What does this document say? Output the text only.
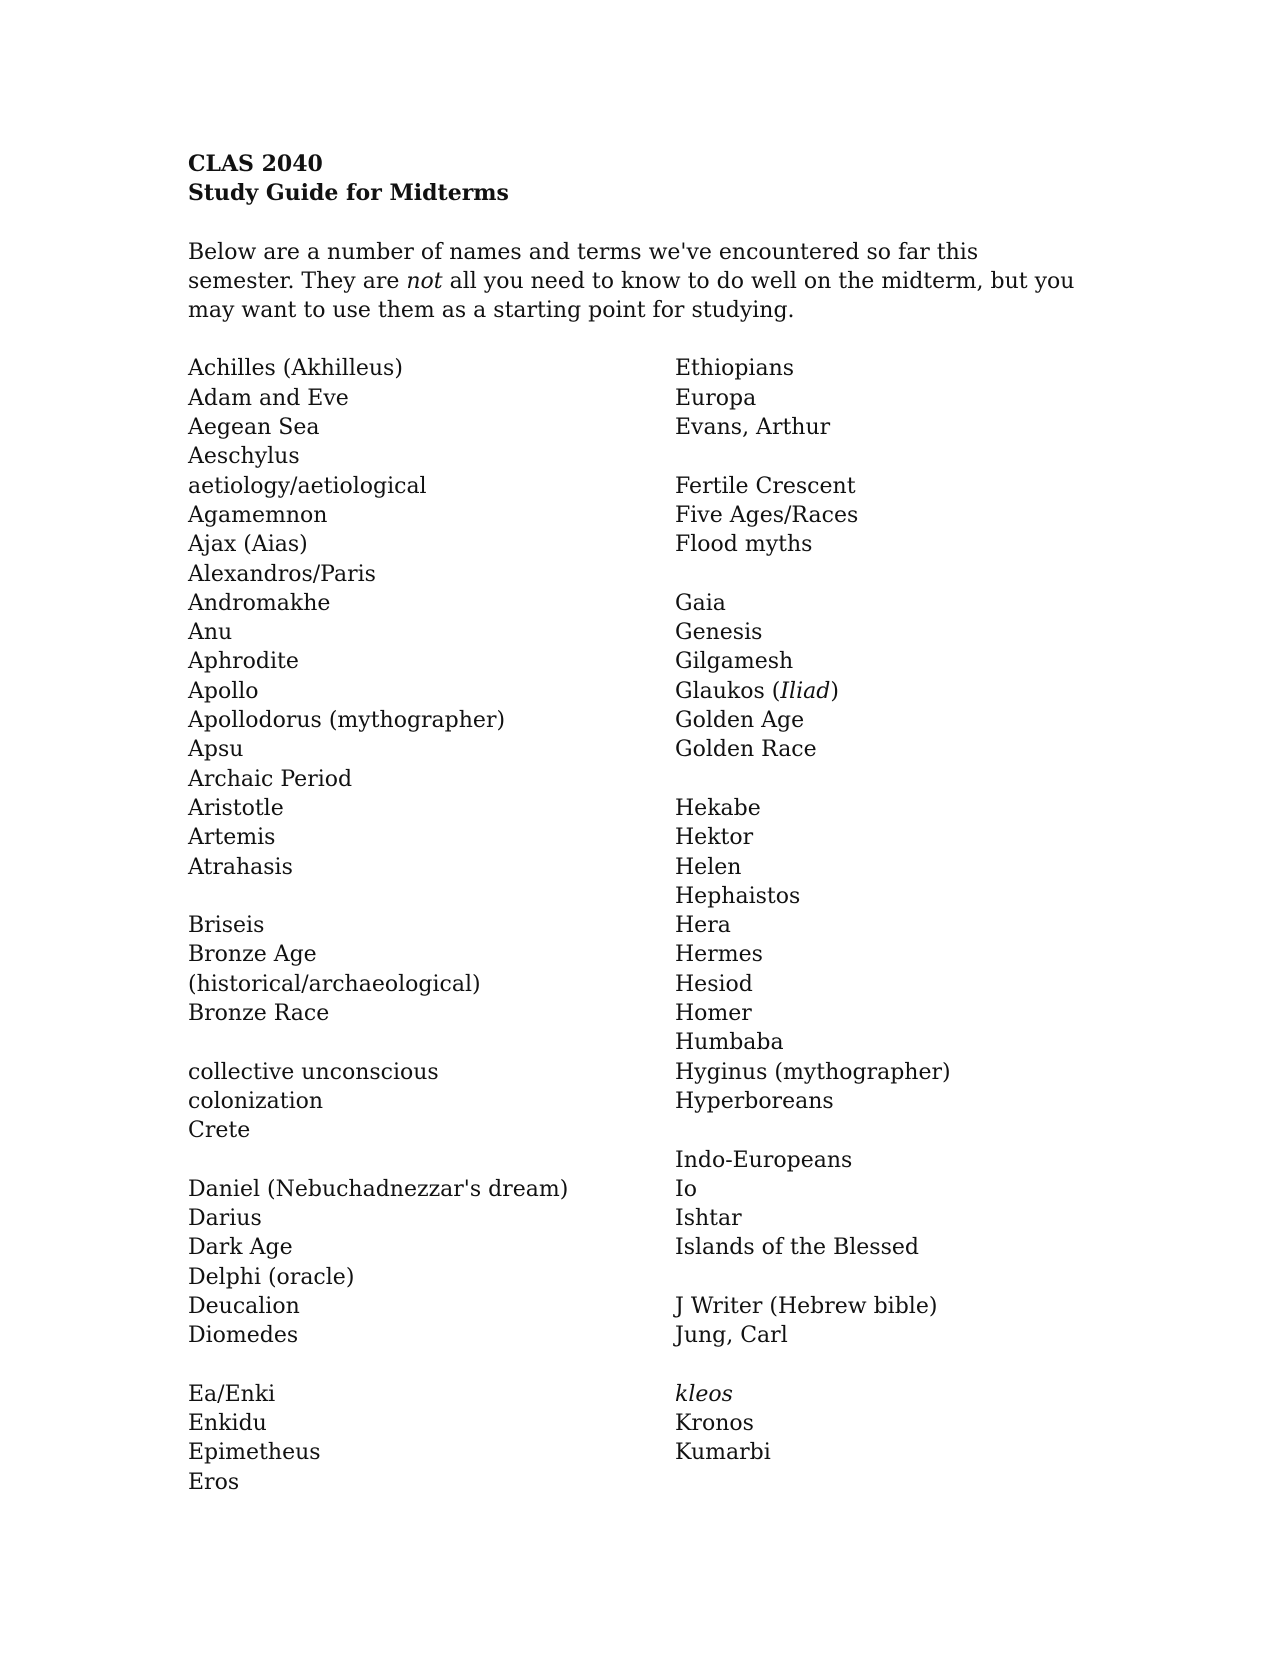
CLAS 2040
Study Guide for Midterms

Below are a number of names and terms we've encountered so far this semester. They are not all you need to know to do well on the midterm, but you may want to use them as a starting point for studying.

Achilles (Akhilleus)
Adam and Eve
Aegean Sea
Aeschylus
aetiology/aetiological
Agamemnon
Ajax (Aias)
Alexandros/Paris
Andromakhe
Anu
Aphrodite
Apollo
Apollodorus (mythographer)
Apsu
Archaic Period
Aristotle
Artemis
Atrahasis
Briseis
Bronze Age
(historical/archaeological)
Bronze Race
collective unconscious
colonization
Crete
Daniel (Nebuchadnezzar's dream)
Darius
Dark Age
Delphi (oracle)
Deucalion
Diomedes
Ea/Enki
Enkidu
Epimetheus
Eros
Ethiopians
Europa
Evans, Arthur
Fertile Crescent
Five Ages/Races
Flood myths
Gaia
Genesis
Gilgamesh
Glaukos (Iliad)
Golden Age
Golden Race
Hekabe
Hektor
Helen
Hephaistos
Hera
Hermes
Hesiod
Homer
Humbaba
Hyginus (mythographer)
Hyperboreans
Indo-Europeans
Io
Ishtar
Islands of the Blessed
J Writer (Hebrew bible)
Jung, Carl
kleos
Kronos
Kumarbi
